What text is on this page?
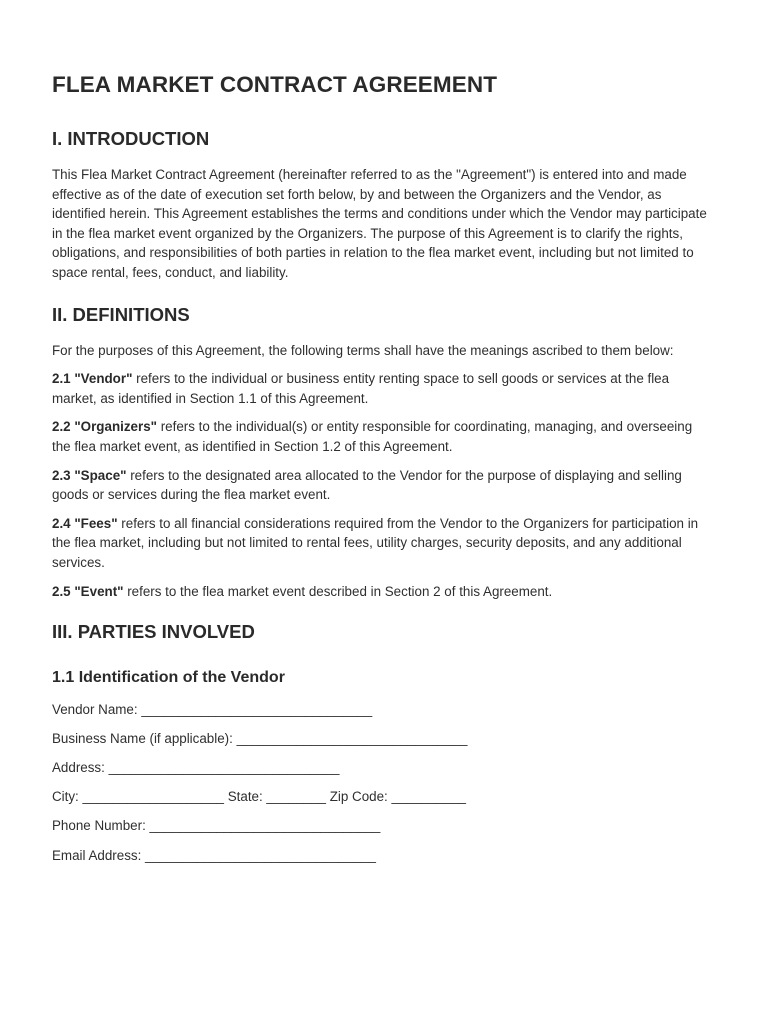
FLEA MARKET CONTRACT AGREEMENT
I. INTRODUCTION

This Flea Market Contract Agreement (hereinafter referred to as the "Agreement") is entered into and made effective as of the date of execution set forth below, by and between the Organizers and the Vendor, as identified herein. This Agreement establishes the terms and conditions under which the Vendor may participate in the flea market event organized by the Organizers. The purpose of this Agreement is to clarify the rights, obligations, and responsibilities of both parties in relation to the flea market event, including but not limited to space rental, fees, conduct, and liability.

II. DEFINITIONS

For the purposes of this Agreement, the following terms shall have the meanings ascribed to them below:

2.1 "Vendor" refers to the individual or business entity renting space to sell goods or services at the flea market, as identified in Section 1.1 of this Agreement.

2.2 "Organizers" refers to the individual(s) or entity responsible for coordinating, managing, and overseeing the flea market event, as identified in Section 1.2 of this Agreement.

2.3 "Space" refers to the designated area allocated to the Vendor for the purpose of displaying and selling goods or services during the flea market event.

2.4 "Fees" refers to all financial considerations required from the Vendor to the Organizers for participation in the flea market, including but not limited to rental fees, utility charges, security deposits, and any additional services.

2.5 "Event" refers to the flea market event described in Section 2 of this Agreement.

III. PARTIES INVOLVED
1.1 Identification of the Vendor

Vendor Name: _______________________________

Business Name (if applicable): _______________________________

Address: _______________________________

City: ___________________ State: ________ Zip Code: __________

Phone Number: _______________________________

Email Address: _______________________________
